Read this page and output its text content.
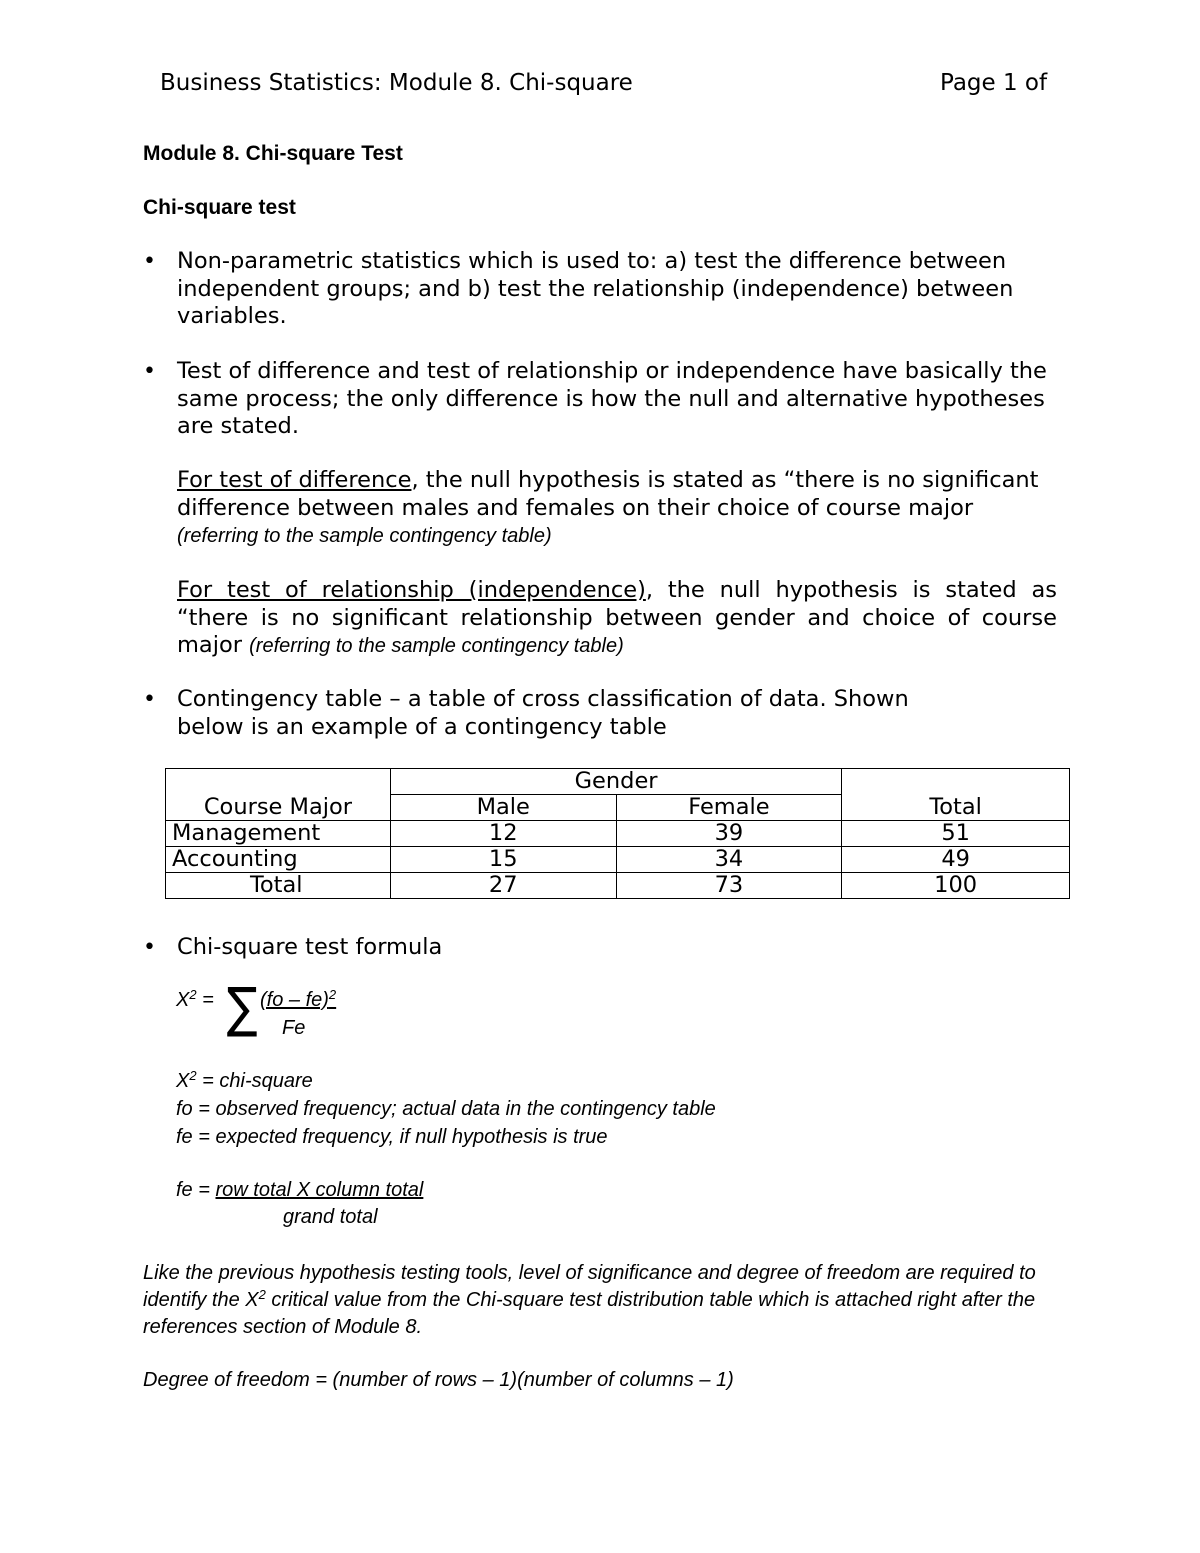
Business Statistics: Module 8. Chi-square	Page 1 of
Module 8. Chi-square Test
Chi-square test
• Non-parametric statistics which is used to: a) test the difference between independent groups; and b) test the relationship (independence) between variables.
• Test of difference and test of relationship or independence have basically the same process; the only difference is how the null and alternative hypotheses are stated.
For test of difference, the null hypothesis is stated as “there is no significant difference between males and females on their choice of course major (referring to the sample contingency table)
For test of relationship (independence), the null hypothesis is stated as “there is no significant relationship between gender and choice of course major (referring to the sample contingency table)
• Contingency table – a table of cross classification of data. Shown below is an example of a contingency table
Course Major	Gender		Total
	Male	Female	
Management	12	39	51
Accounting	15	34	49
Total	27	73	100
• Chi-square test formula
$X^2$ = ∑ (fo – fe)$^2$
Fe
$X^2$ = chi-square
fo = observed frequency; actual data in the contingency table
fe = expected frequency, if null hypothesis is true
fe = row total X column total
grand total
Like the previous hypothesis testing tools, level of significance and degree of freedom are required to identify the $X^2$ critical value from the Chi-square test distribution table which is attached right after the references section of Module 8.
Degree of freedom = (number of rows – 1)(number of columns – 1)
